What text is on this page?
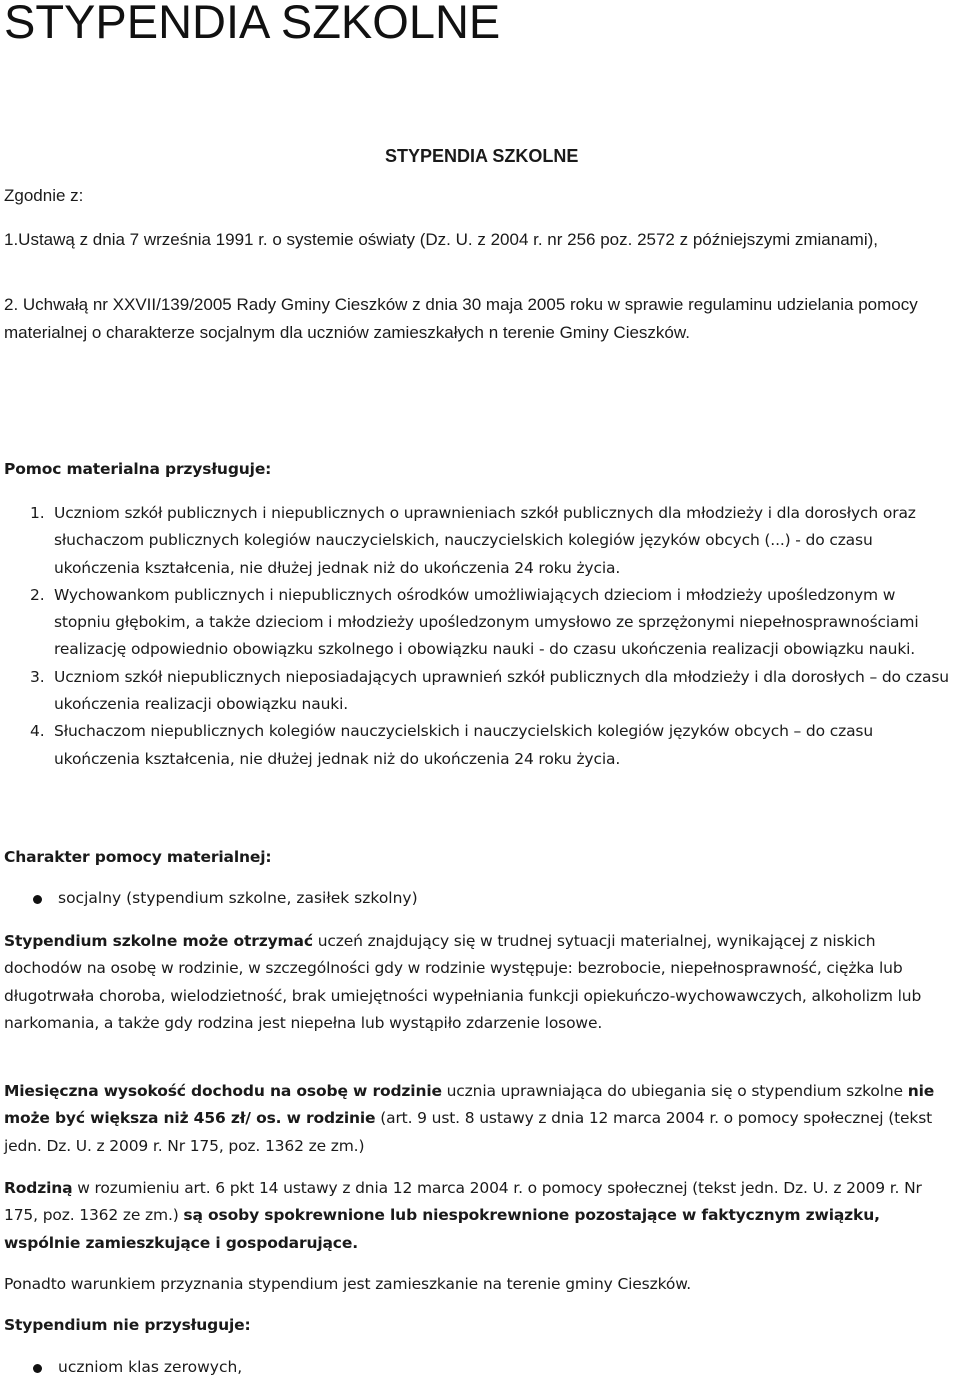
STYPENDIA SZKOLNE
STYPENDIA SZKOLNE

Zgodnie z:

1.Ustawą z dnia 7 września 1991 r. o systemie oświaty (Dz. U. z 2004 r. nr 256 poz. 2572 z późniejszymi zmianami),

2. Uchwałą nr XXVII/139/2005 Rady Gminy Cieszków z dnia 30 maja 2005 roku w sprawie regulaminu udzielania pomocy materialnej o charakterze socjalnym dla uczniów zamieszkałych n terenie Gminy Cieszków.

Pomoc materialna przysługuje:

1. Uczniom szkół publicznych i niepublicznych o uprawnieniach szkół publicznych dla młodzieży i dla dorosłych oraz słuchaczom publicznych kolegiów nauczycielskich, nauczycielskich kolegiów języków obcych (...) - do czasu ukończenia kształcenia, nie dłużej jednak niż do ukończenia 24 roku życia.
2. Wychowankom publicznych i niepublicznych ośrodków umożliwiających dzieciom i młodzieży upośledzonym w stopniu głębokim, a także dzieciom i młodzieży upośledzonym umysłowo ze sprzężonymi niepełnosprawnościami realizację odpowiednio obowiązku szkolnego i obowiązku nauki - do czasu ukończenia realizacji obowiązku nauki.
3. Uczniom szkół niepublicznych nieposiadających uprawnień szkół publicznych dla młodzieży i dla dorosłych – do czasu ukończenia realizacji obowiązku nauki.
4. Słuchaczom niepublicznych kolegiów nauczycielskich i nauczycielskich kolegiów języków obcych – do czasu ukończenia kształcenia, nie dłużej jednak niż do ukończenia 24 roku życia.

Charakter pomocy materialnej:

socjalny (stypendium szkolne, zasiłek szkolny)

Stypendium szkolne może otrzymać uczeń znajdujący się w trudnej sytuacji materialnej, wynikającej z niskich dochodów na osobę w rodzinie, w szczególności gdy w rodzinie występuje: bezrobocie, niepełnosprawność, ciężka lub długotrwała choroba, wielodzietność, brak umiejętności wypełniania funkcji opiekuńczo-wychowawczych, alkoholizm lub narkomania, a także gdy rodzina jest niepełna lub wystąpiło zdarzenie losowe.

Miesięczna wysokość dochodu na osobę w rodzinie ucznia uprawniająca do ubiegania się o stypendium szkolne nie może być większa niż 456 zł/ os. w rodzinie (art. 9 ust. 8 ustawy z dnia 12 marca 2004 r. o pomocy społecznej (tekst jedn. Dz. U. z 2009 r. Nr 175, poz. 1362 ze zm.)

Rodziną w rozumieniu art. 6 pkt 14 ustawy z dnia 12 marca 2004 r. o pomocy społecznej (tekst jedn. Dz. U. z 2009 r. Nr 175, poz. 1362 ze zm.) są osoby spokrewnione lub niespokrewnione pozostające w faktycznym związku, wspólnie zamieszkujące i gospodarujące.

Ponadto warunkiem przyznania stypendium jest zamieszkanie na terenie gminy Cieszków.

Stypendium nie przysługuje:

uczniom klas zerowych,
